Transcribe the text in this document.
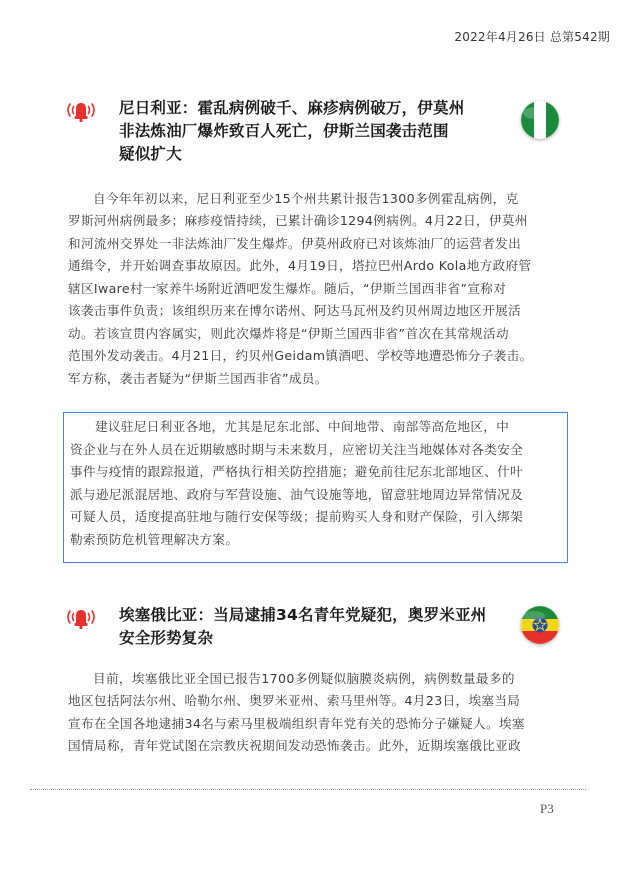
2022年4月26日 总第542期
尼日利亚：霍乱病例破千、麻疹病例破万，伊莫州
非法炼油厂爆炸致百人死亡，伊斯兰国袭击范围
疑似扩大
自今年年初以来，尼日利亚至少15个州共累计报告1300多例霍乱病例，克
罗斯河州病例最多；麻疹疫情持续，已累计确诊1294例病例。4月22日，伊莫州
和河流州交界处一非法炼油厂发生爆炸。伊莫州政府已对该炼油厂的运营者发出
通缉令，并开始调查事故原因。此外，4月19日，塔拉巴州Ardo Kola地方政府管
辖区Iware村一家养牛场附近酒吧发生爆炸。随后，“伊斯兰国西非省”宣称对
该袭击事件负责；该组织历来在博尔诺州、阿达马瓦州及约贝州周边地区开展活
动。若该宣贯内容属实，则此次爆炸将是“伊斯兰国西非省”首次在其常规活动
范围外发动袭击。4月21日，约贝州Geidam镇酒吧、学校等地遭恐怖分子袭击。
军方称，袭击者疑为“伊斯兰国西非省”成员。
建议驻尼日利亚各地，尤其是尼东北部、中间地带、南部等高危地区，中
资企业与在外人员在近期敏感时期与未来数月，应密切关注当地媒体对各类安全
事件与疫情的跟踪报道，严格执行相关防控措施；避免前往尼东北部地区、什叶
派与逊尼派混居地、政府与军营设施、油气设施等地，留意驻地周边异常情况及
可疑人员，适度提高驻地与随行安保等级；提前购买人身和财产保险，引入绑架
勒索预防危机管理解决方案。
埃塞俄比亚：当局逮捕34名青年党疑犯，奥罗米亚州
安全形势复杂
目前，埃塞俄比亚全国已报告1700多例疑似脑膜炎病例，病例数量最多的
地区包括阿法尔州、哈勒尔州、奥罗米亚州、索马里州等。4月23日，埃塞当局
宣布在全国各地逮捕34名与索马里极端组织青年党有关的恐怖分子嫌疑人。埃塞
国情局称，青年党试图在宗教庆祝期间发动恐怖袭击。此外，近期埃塞俄比亚政
P3
